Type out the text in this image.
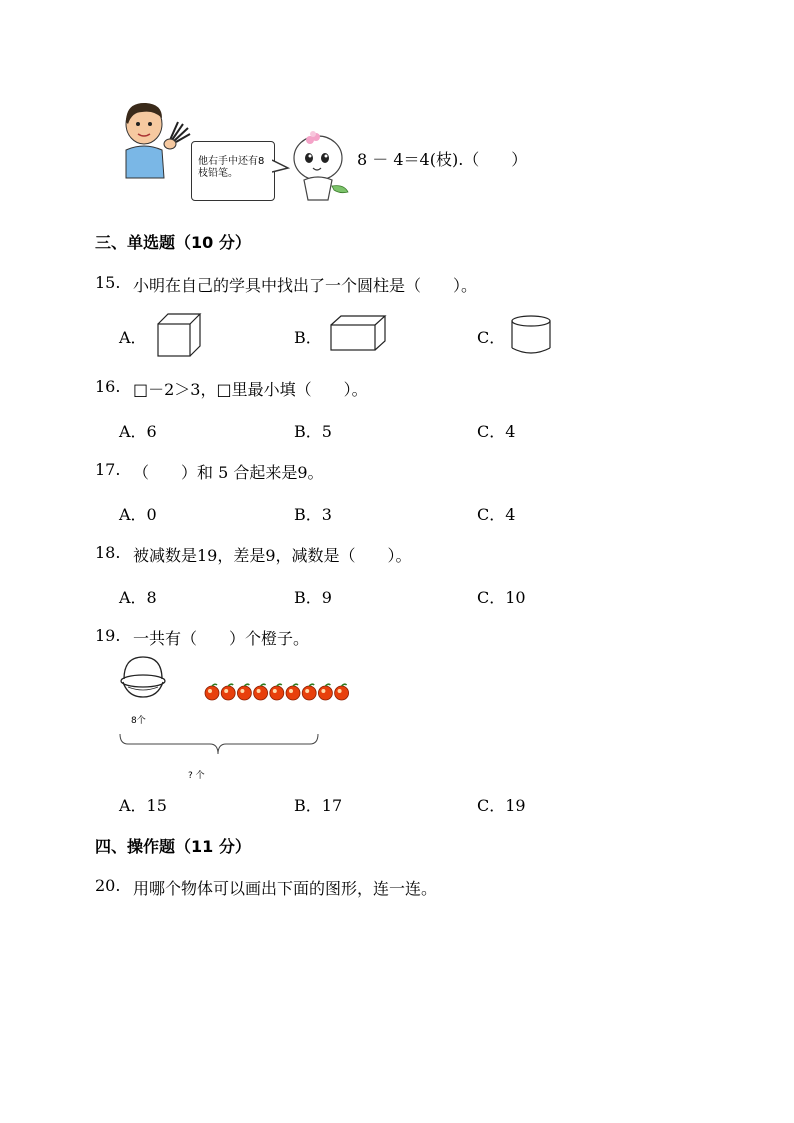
他右手中还有8枝铅笔。
8 － 4＝4(枝).（　　）
三、单选题（10 分）
15. 小明在自己的学具中找出了一个圆柱是（　　）。
A．	B．	C．
16. □－2＞3，□里最小填（　　）。
A．6	B．5	C．4
17. （　　）和 5 合起来是9。
A．0	B．3	C．4
18. 被减数是19，差是9，减数是（　　）。
A．8	B．9	C．10
19. 一共有（　　）个橙子。
8个
? 个
A．15	B．17	C．19
四、操作题（11 分）
20. 用哪个物体可以画出下面的图形，连一连。
